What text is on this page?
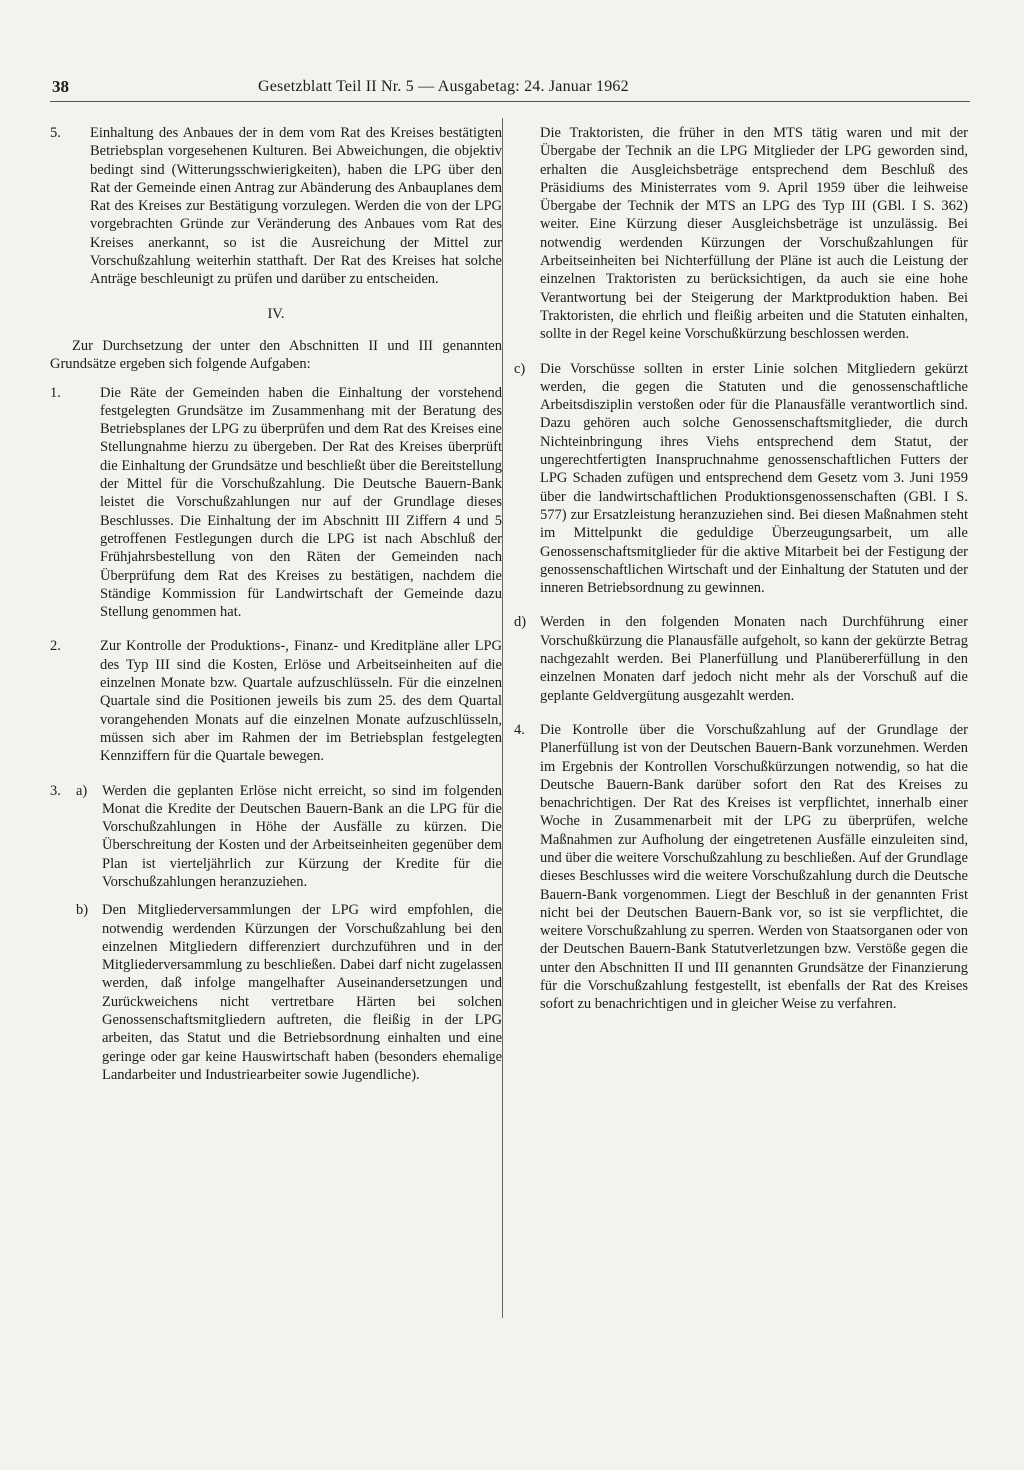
38	Gesetzblatt Teil II Nr. 5 — Ausgabetag: 24. Januar 1962
5.	Einhaltung des Anbaues der in dem vom Rat des Kreises bestätigten Betriebsplan vorgesehenen Kulturen. Bei Abweichungen, die objektiv bedingt sind (Witterungsschwierigkeiten), haben die LPG über den Rat der Gemeinde einen Antrag zur Abänderung des Anbauplanes dem Rat des Kreises zur Bestätigung vorzulegen. Werden die von der LPG vorgebrachten Gründe zur Veränderung des Anbaues vom Rat des Kreises anerkannt, so ist die Ausreichung der Mittel zur Vorschußzahlung weiterhin statthaft. Der Rat des Kreises hat solche Anträge beschleunigt zu prüfen und darüber zu entscheiden.

IV.

Zur Durchsetzung der unter den Abschnitten II und III genannten Grundsätze ergeben sich folgende Aufgaben:

1.	Die Räte der Gemeinden haben die Einhaltung der vorstehend festgelegten Grundsätze im Zusammenhang mit der Beratung des Betriebsplanes der LPG zu überprüfen und dem Rat des Kreises eine Stellungnahme hierzu zu übergeben. Der Rat des Kreises überprüft die Einhaltung der Grundsätze und beschließt über die Bereitstellung der Mittel für die Vorschußzahlung. Die Deutsche Bauern-Bank leistet die Vorschußzahlungen nur auf der Grundlage dieses Beschlusses. Die Einhaltung der im Abschnitt III Ziffern 4 und 5 getroffenen Festlegungen durch die LPG ist nach Abschluß der Frühjahrsbestellung von den Räten der Gemeinden nach Überprüfung dem Rat des Kreises zu bestätigen, nachdem die Ständige Kommission für Landwirtschaft der Gemeinde dazu Stellung genommen hat.

2.	Zur Kontrolle der Produktions-, Finanz- und Kreditpläne aller LPG des Typ III sind die Kosten, Erlöse und Arbeitseinheiten auf die einzelnen Monate bzw. Quartale aufzuschlüsseln. Für die einzelnen Quartale sind die Positionen jeweils bis zum 25. des dem Quartal vorangehenden Monats auf die einzelnen Monate aufzuschlüsseln, müssen sich aber im Rahmen der im Betriebsplan festgelegten Kennziffern für die Quartale bewegen.

3.	a)	Werden die geplanten Erlöse nicht erreicht, so sind im folgenden Monat die Kredite der Deutschen Bauern-Bank an die LPG für die Vorschußzahlungen in Höhe der Ausfälle zu kürzen. Die Überschreitung der Kosten und der Arbeitseinheiten gegenüber dem Plan ist vierteljährlich zur Kürzung der Kredite für die Vorschußzahlungen heranzuziehen.

b) Den Mitgliederversammlungen der LPG wird empfohlen, die notwendig werdenden Kürzungen der Vorschußzahlung bei den einzelnen Mitgliedern differenziert durchzuführen und in der Mitgliederversammlung zu beschließen. Dabei darf nicht zugelassen werden, daß infolge mangelhafter Auseinandersetzungen und Zurückweichens nicht vertretbare Härten bei solchen Genossenschaftsmitgliedern auftreten, die fleißig in der LPG arbeiten, das Statut und die Betriebsordnung einhalten und eine geringe oder gar keine Hauswirtschaft haben (besonders ehemalige Landarbeiter und Industriearbeiter sowie Jugendliche).

Die Traktoristen, die früher in den MTS tätig waren und mit der Übergabe der Technik an die LPG Mitglieder der LPG geworden sind, erhalten die Ausgleichsbeträge entsprechend dem Beschluß des Präsidiums des Ministerrates vom 9. April 1959 über die leihweise Übergabe der Technik der MTS an LPG des Typ III (GBl. I S. 362) weiter. Eine Kürzung dieser Ausgleichsbeträge ist unzulässig. Bei notwendig werdenden Kürzungen der Vorschußzahlungen für Arbeitseinheiten bei Nichterfüllung der Pläne ist auch die Leistung der einzelnen Traktoristen zu berücksichtigen, da auch sie eine hohe Verantwortung bei der Steigerung der Marktproduktion haben. Bei Traktoristen, die ehrlich und fleißig arbeiten und die Statuten einhalten, sollte in der Regel keine Vorschußkürzung beschlossen werden.

c)	Die Vorschüsse sollten in erster Linie solchen Mitgliedern gekürzt werden, die gegen die Statuten und die genossenschaftliche Arbeitsdisziplin verstoßen oder für die Planausfälle verantwortlich sind. Dazu gehören auch solche Genossenschaftsmitglieder, die durch Nichteinbringung ihres Viehs entsprechend dem Statut, der ungerechtfertigten Inanspruchnahme genossenschaftlichen Futters der LPG Schaden zufügen und entsprechend dem Gesetz vom 3. Juni 1959 über die landwirtschaftlichen Produktionsgenossenschaften (GBl. I S. 577) zur Ersatzleistung heranzuziehen sind. Bei diesen Maßnahmen steht im Mittelpunkt die geduldige Überzeugungsarbeit, um alle Genossenschaftsmitglieder für die aktive Mitarbeit bei der Festigung der genossenschaftlichen Wirtschaft und der Einhaltung der Statuten und der inneren Betriebsordnung zu gewinnen.

d) Werden in den folgenden Monaten nach Durchführung einer Vorschußkürzung die Planausfälle aufgeholt, so kann der gekürzte Betrag nachgezahlt werden. Bei Planerfüllung und Planübererfüllung in den einzelnen Monaten darf jedoch nicht mehr als der Vorschuß auf die geplante Geldvergütung ausgezahlt werden.

4.	Die Kontrolle über die Vorschußzahlung auf der Grundlage der Planerfüllung ist von der Deutschen Bauern-Bank vorzunehmen. Werden im Ergebnis der Kontrollen Vorschußkürzungen notwendig, so hat die Deutsche Bauern-Bank darüber sofort den Rat des Kreises zu benachrichtigen. Der Rat des Kreises ist verpflichtet, innerhalb einer Woche in Zusammenarbeit mit der LPG zu überprüfen, welche Maßnahmen zur Aufholung der eingetretenen Ausfälle einzuleiten sind, und über die weitere Vorschußzahlung zu beschließen. Auf der Grundlage dieses Beschlusses wird die weitere Vorschußzahlung durch die Deutsche Bauern-Bank vorgenommen. Liegt der Beschluß in der genannten Frist nicht bei der Deutschen Bauern-Bank vor, so ist sie verpflichtet, die weitere Vorschußzahlung zu sperren. Werden von Staatsorganen oder von der Deutschen Bauern-Bank Statutverletzungen bzw. Verstöße gegen die unter den Abschnitten II und III genannten Grundsätze der Finanzierung für die Vorschußzahlung festgestellt, ist ebenfalls der Rat des Kreises sofort zu benachrichtigen und in gleicher Weise zu verfahren.
